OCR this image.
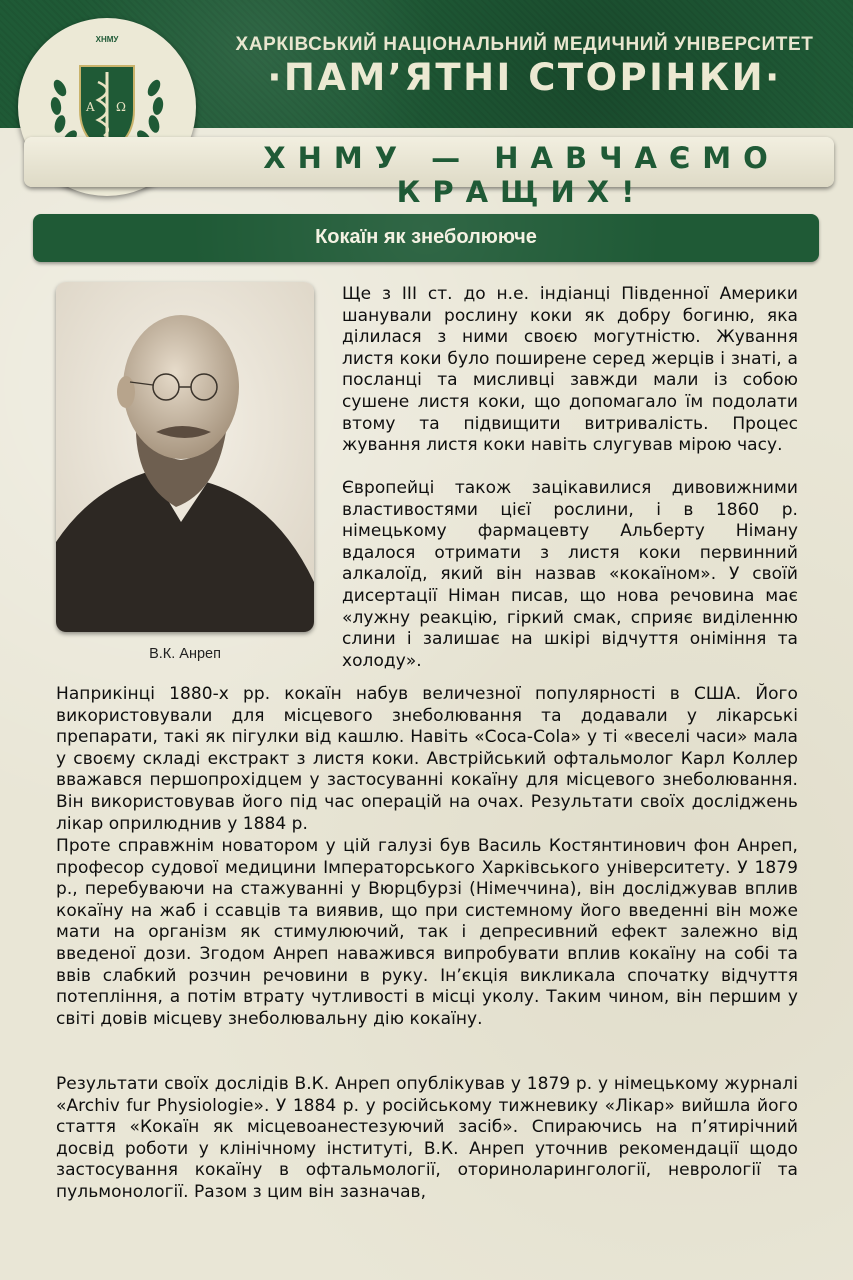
ХНМУ
Α Ω
ХАРКІВСЬКИЙ НАЦІОНАЛЬНИЙ МЕДИЧНИЙ УНІВЕРСИТЕТ
·ПАМ’ЯТНІ СТОРІНКИ·
ХНМУ — НАВЧАЄМО КРАЩИХ!
Кокаїн як знеболююче
В.К. Анреп
Ще з III ст. до н.е. індіанці Південної Америки шанували рослину коки як добру богиню, яка ділилася з ними своєю могутністю. Жування листя коки було поширене серед жерців і знаті, а посланці та мисливці завжди мали із собою сушене листя коки, що допомагало їм подолати втому та підвищити витривалість. Процес жування листя коки навіть слугував мірою часу.
Європейці також зацікавилися дивовижними властивостями цієї рослини, і в 1860 р. німецькому фармацевту Альберту Німану вдалося отримати з листя коки первинний алкалоїд, який він назвав «кокаїном». У своїй дисертації Німан писав, що нова речовина має «лужну реакцію, гіркий смак, сприяє виділенню слини і залишає на шкірі відчуття оніміння та холоду».
Наприкінці 1880-х рр. кокаїн набув величезної популярності в США. Його використовували для місцевого знеболювання та додавали у лікарські препарати, такі як пігулки від кашлю. Навіть «Coca-Cola» у ті «веселі часи» мала у своєму складі екстракт з листя коки. Австрійський офтальмолог Карл Коллер вважався першопрохідцем у застосуванні кокаїну для місцевого знеболювання. Він використовував його під час операцій на очах. Результати своїх досліджень лікар оприлюднив у 1884 р.
Проте справжнім новатором у цій галузі був Василь Костянтинович фон Анреп, професор судової медицини Імператорського Харківського університету. У 1879 р., перебуваючи на стажуванні у Вюрцбурзі (Німеччина), він досліджував вплив кокаїну на жаб і ссавців та виявив, що при системному його введенні він може мати на організм як стимулюючий, так і депресивний ефект залежно від введеної дози. Згодом Анреп наважився випробувати вплив кокаїну на собі та ввів слабкий розчин речовини в руку. Ін’єкція викликала спочатку відчуття потепління, а потім втрату чутливості в місці уколу. Таким чином, він першим у світі довів місцеву знеболювальну дію кокаїну.
Результати своїх дослідів В.К. Анреп опублікував у 1879 р. у німецькому журналі «Archiv fur Physiologie». У 1884 р. у російському тижневику «Лікар» вийшла його стаття «Кокаїн як місцевоанестезуючий засіб». Спираючись на п’ятирічний досвід роботи у клінічному інституті, В.К. Анреп уточнив рекомендації щодо застосування кокаїну в офтальмології, оториноларингології, неврології та пульмонології. Разом з цим він зазначав,
